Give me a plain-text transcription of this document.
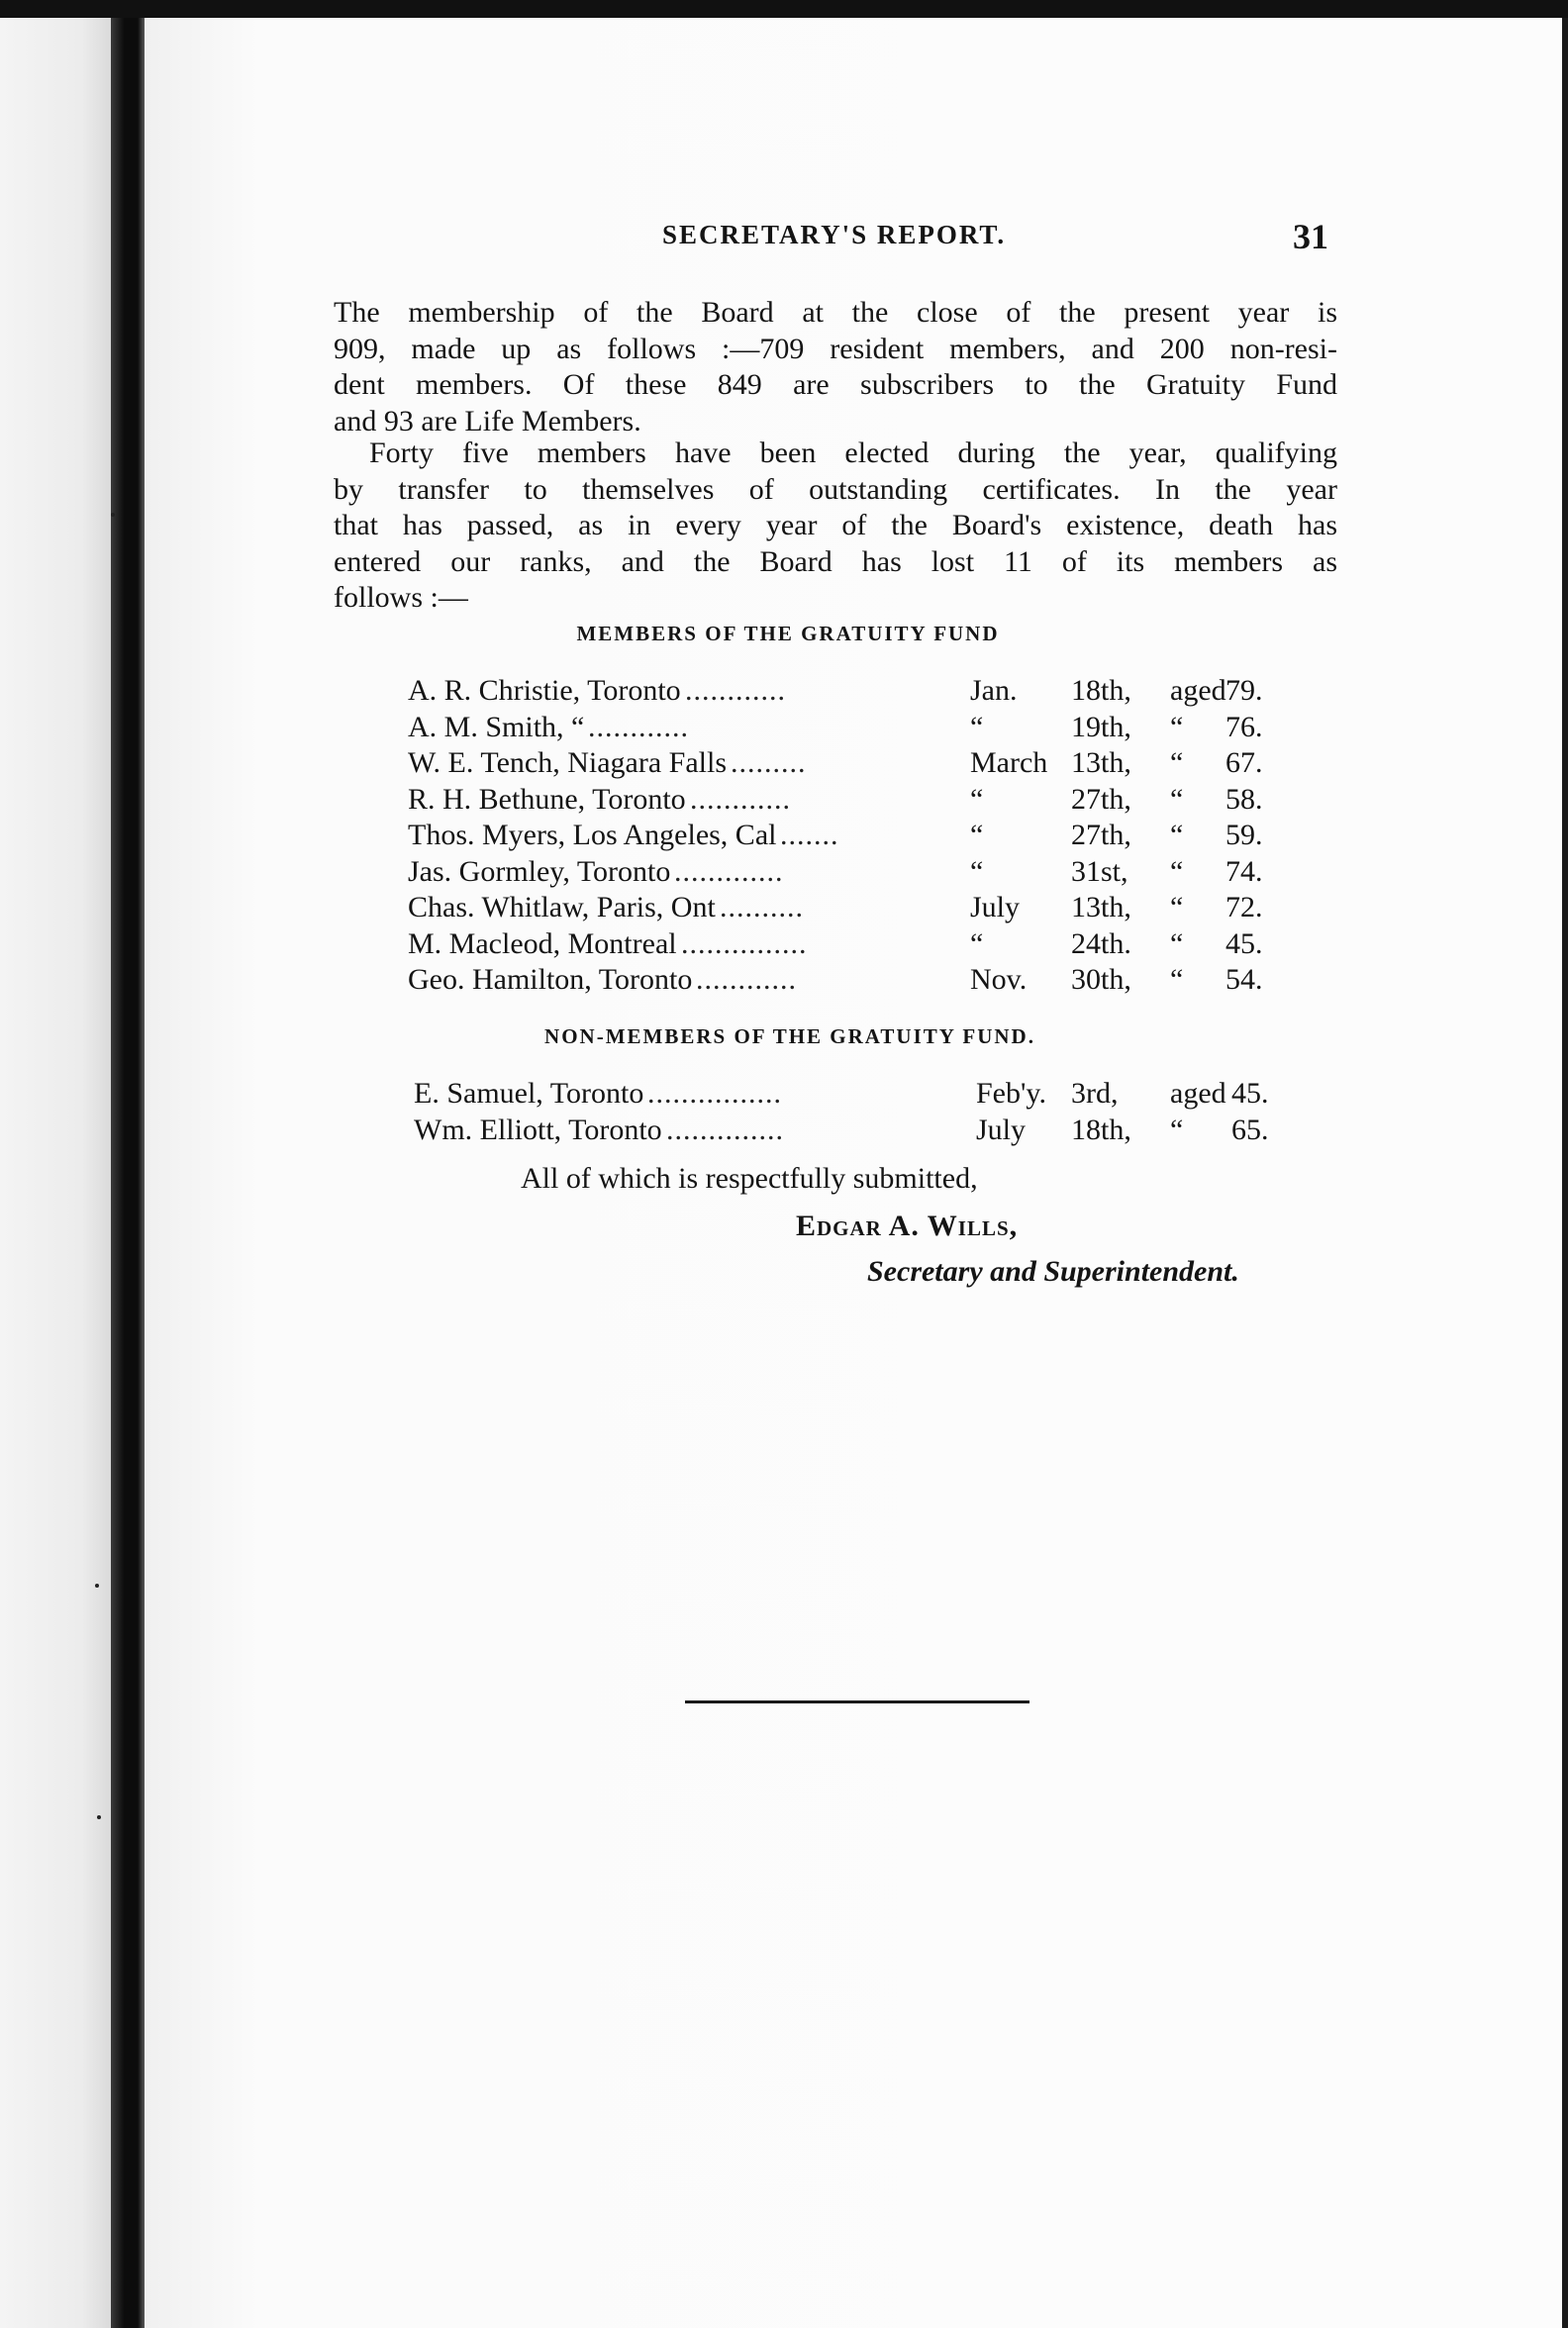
SECRETARY'S REPORT.	31
The membership of the Board at the close of the present year is
909, made up as follows :—709 resident members, and 200 non-resi-
dent members. Of these 849 are subscribers to the Gratuity Fund
and 93 are Life Members.
Forty five members have been elected during the year, qualifying
by transfer to themselves of outstanding certificates. In the year
that has passed, as in every year of the Board's existence, death has
entered our ranks, and the Board has lost 11 of its members as
follows :—
MEMBERS OF THE GRATUITY FUND
A. R. Christie, Toronto ............	Jan. 18th, aged 79.
A. M. Smith, “ ............	“	19th, “ 76.
W. E. Tench, Niagara Falls .........	March 13th, “ 67.
R. H. Bethune, Toronto ............	“	27th, “ 58.
Thos. Myers, Los Angeles, Cal .......	“	27th, “ 59.
Jas. Gormley, Toronto .............	“	31st, “ 74.
Chas. Whitlaw, Paris, Ont ..........	July 13th, “ 72.
M. Macleod, Montreal ...............	“	24th. “ 45.
Geo. Hamilton, Toronto ............	Nov. 30th, “ 54.
NON-MEMBERS OF THE GRATUITY FUND.
E. Samuel, Toronto ................	Feb'y. 3rd, aged 45.
Wm. Elliott, Toronto ..............	July 18th, “ 65.
All of which is respectfully submitted,
Edgar A. Wills,
Secretary and Superintendent.
